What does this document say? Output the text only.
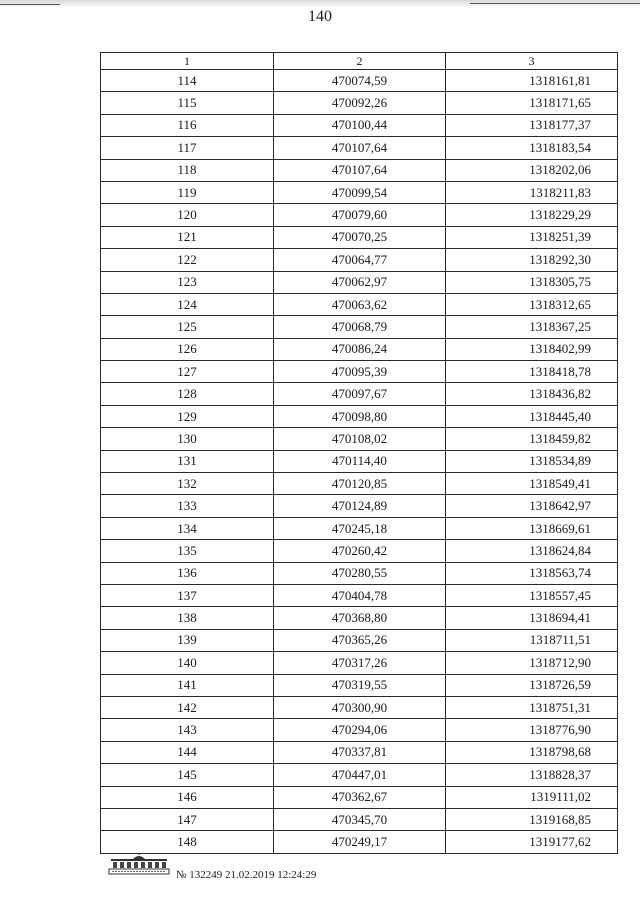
140
1	2	3
114	470074,59	1318161,81
115	470092,26	1318171,65
116	470100,44	1318177,37
117	470107,64	1318183,54
118	470107,64	1318202,06
119	470099,54	1318211,83
120	470079,60	1318229,29
121	470070,25	1318251,39
122	470064,77	1318292,30
123	470062,97	1318305,75
124	470063,62	1318312,65
125	470068,79	1318367,25
126	470086,24	1318402,99
127	470095,39	1318418,78
128	470097,67	1318436,82
129	470098,80	1318445,40
130	470108,02	1318459,82
131	470114,40	1318534,89
132	470120,85	1318549,41
133	470124,89	1318642,97
134	470245,18	1318669,61
135	470260,42	1318624,84
136	470280,55	1318563,74
137	470404,78	1318557,45
138	470368,80	1318694,41
139	470365,26	1318711,51
140	470317,26	1318712,90
141	470319,55	1318726,59
142	470300,90	1318751,31
143	470294,06	1318776,90
144	470337,81	1318798,68
145	470447,01	1318828,37
146	470362,67	1319111,02
147	470345,70	1319168,85
148	470249,17	1319177,62
№ 132249 21.02.2019 12:24:29
